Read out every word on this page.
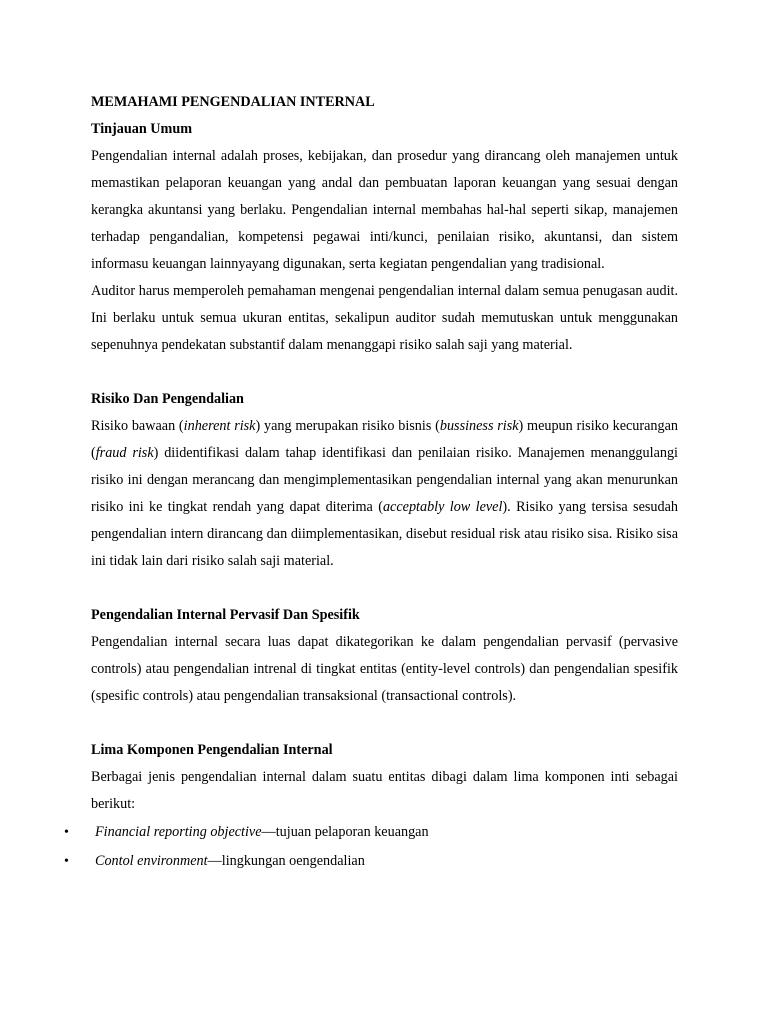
MEMAHAMI PENGENDALIAN INTERNAL

Tinjauan Umum

Pengendalian internal adalah proses, kebijakan, dan prosedur yang dirancang oleh manajemen untuk memastikan pelaporan keuangan yang andal dan pembuatan laporan keuangan yang sesuai dengan kerangka akuntansi yang berlaku. Pengendalian internal membahas hal-hal seperti sikap, manajemen terhadap pengandalian, kompetensi pegawai inti/kunci, penilaian risiko, akuntansi, dan sistem informasu keuangan lainnyayang digunakan, serta kegiatan pengendalian yang tradisional.

Auditor harus memperoleh pemahaman mengenai pengendalian internal dalam semua penugasan audit. Ini berlaku untuk semua ukuran entitas, sekalipun auditor sudah memutuskan untuk menggunakan sepenuhnya pendekatan substantif dalam menanggapi risiko salah saji yang material.

Risiko Dan Pengendalian

Risiko bawaan (inherent risk) yang merupakan risiko bisnis (bussiness risk) meupun risiko kecurangan (fraud risk) diidentifikasi dalam tahap identifikasi dan penilaian risiko. Manajemen menanggulangi risiko ini dengan merancang dan mengimplementasikan pengendalian internal yang akan menurunkan risiko ini ke tingkat rendah yang dapat diterima (acceptably low level). Risiko yang tersisa sesudah pengendalian intern dirancang dan diimplementasikan, disebut residual risk atau risiko sisa. Risiko sisa ini tidak lain dari risiko salah saji material.

Pengendalian Internal Pervasif Dan Spesifik

Pengendalian internal secara luas dapat dikategorikan ke dalam pengendalian pervasif (pervasive controls) atau pengendalian intrenal di tingkat entitas (entity-level controls) dan pengendalian spesifik (spesific controls) atau pengendalian transaksional (transactional controls).

Lima Komponen Pengendalian Internal

Berbagai jenis pengendalian internal dalam suatu entitas dibagi dalam lima komponen inti sebagai berikut:

• Financial reporting objective—tujuan pelaporan keuangan
• Contol environment—lingkungan oengendalian
